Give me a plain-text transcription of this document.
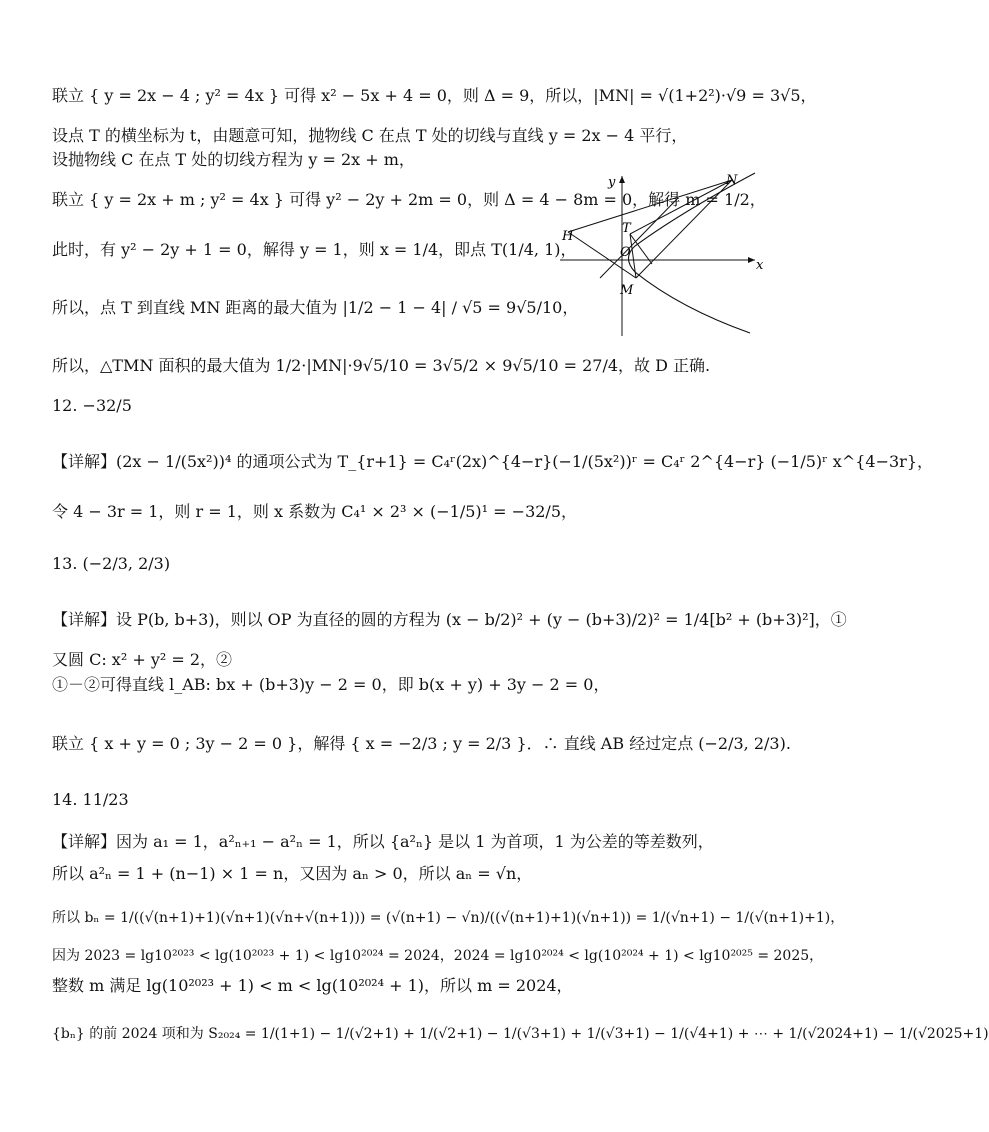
联立 { y = 2x − 4 ; y² = 4x } 可得 x² − 5x + 4 = 0，则 Δ = 9，所以，|MN| = √(1+2²)·√9 = 3√5，
设点 T 的横坐标为 t，由题意可知，抛物线 C 在点 T 处的切线与直线 y = 2x − 4 平行，
设抛物线 C 在点 T 处的切线方程为 y = 2x + m，
联立 { y = 2x + m ; y² = 4x } 可得 y² − 2y + 2m = 0，则 Δ = 4 − 8m = 0，解得 m = 1/2，
此时，有 y² − 2y + 1 = 0，解得 y = 1，则 x = 1/4，即点 T(1/4, 1)，
所以，点 T 到直线 MN 距离的最大值为 |1/2 − 1 − 4| / √5 = 9√5/10，
所以，△TMN 面积的最大值为 1/2·|MN|·9√5/10 = 3√5/2 × 9√5/10 = 27/4，故 D 正确.
12. −32/5
【详解】(2x − 1/(5x²))⁴ 的通项公式为 T_{r+1} = C₄ʳ(2x)^{4−r}(−1/(5x²))ʳ = C₄ʳ 2^{4−r} (−1/5)ʳ x^{4−3r}，
令 4 − 3r = 1，则 r = 1，则 x 系数为 C₄¹ × 2³ × (−1/5)¹ = −32/5，
13. (−2/3, 2/3)
【详解】设 P(b, b+3)，则以 OP 为直径的圆的方程为 (x − b/2)² + (y − (b+3)/2)² = 1/4[b² + (b+3)²]，①
又圆 C: x² + y² = 2，②
①－②可得直线 l_AB: bx + (b+3)y − 2 = 0，即 b(x + y) + 3y − 2 = 0，
联立 { x + y = 0 ; 3y − 2 = 0 }，解得 { x = −2/3 ; y = 2/3 }．∴ 直线 AB 经过定点 (−2/3, 2/3).
14. 11/23
【详解】因为 a₁ = 1，a²ₙ₊₁ − a²ₙ = 1，所以 {a²ₙ} 是以 1 为首项，1 为公差的等差数列，
所以 a²ₙ = 1 + (n−1) × 1 = n，又因为 aₙ > 0，所以 aₙ = √n，
所以 bₙ = 1/((√(n+1)+1)(√n+1)(√n+√(n+1))) = (√(n+1) − √n)/((√(n+1)+1)(√n+1)) = 1/(√n+1) − 1/(√(n+1)+1)，
因为 2023 = lg10²⁰²³ < lg(10²⁰²³ + 1) < lg10²⁰²⁴ = 2024，2024 = lg10²⁰²⁴ < lg(10²⁰²⁴ + 1) < lg10²⁰²⁵ = 2025，
整数 m 满足 lg(10²⁰²³ + 1) < m < lg(10²⁰²⁴ + 1)，所以 m = 2024，
{bₙ} 的前 2024 项和为 S₂₀₂₄ = 1/(1+1) − 1/(√2+1) + 1/(√2+1) − 1/(√3+1) + 1/(√3+1) − 1/(√4+1) + ⋯ + 1/(√2024+1) − 1/(√2025+1)
y
x
N
H
T
O
M
